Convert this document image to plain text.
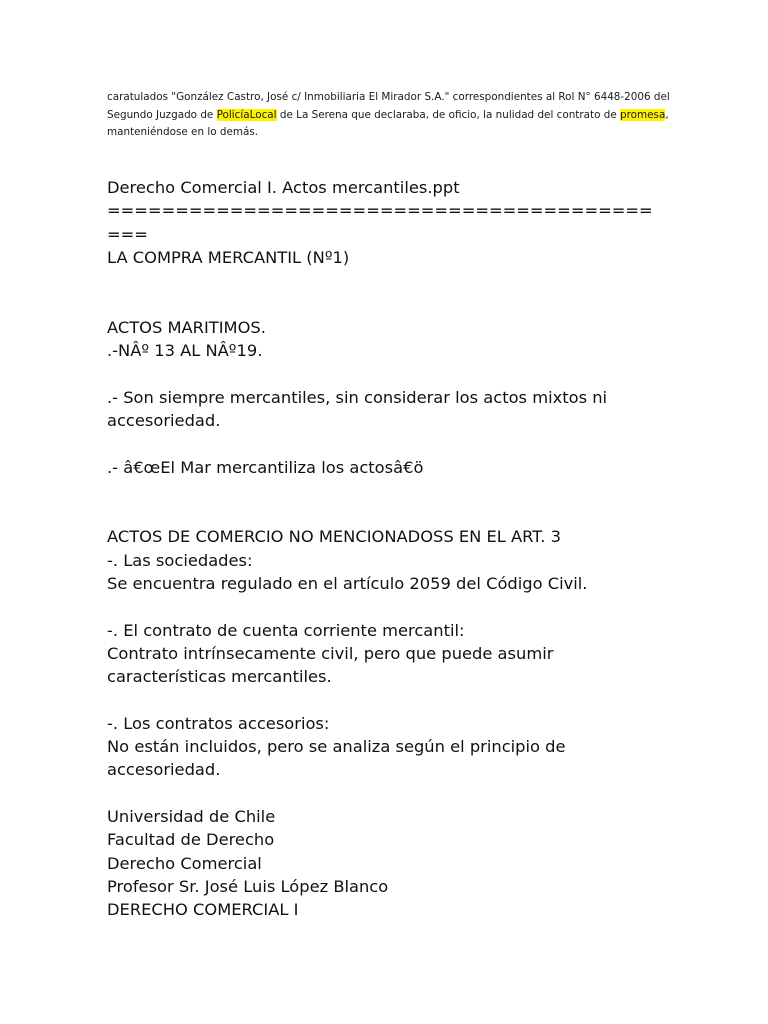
caratulados "González Castro, José c/ Inmobiliaria El Mirador S.A." correspondientes al Rol N° 6448-2006 del

Segundo Juzgado de PolicíaLocal de La Serena que declaraba, de oficio, la nulidad del contrato de promesa,

manteniéndose en lo demás.

Derecho Comercial I. Actos mercantiles.ppt

========================================

===

LA COMPRA MERCANTIL (Nº1)

ACTOS MARITIMOS.

.-NÂº 13 AL NÂº19.

.- Son siempre mercantiles, sin considerar los actos mixtos ni

accesoriedad.

.- â€œEl Mar mercantiliza los actosâ€ö

ACTOS DE COMERCIO NO MENCIONADOSS EN EL ART. 3

-. Las sociedades:

Se encuentra regulado en el artículo 2059 del Código Civil.

-. El contrato de cuenta corriente mercantil:

Contrato intrínsecamente civil, pero que puede asumir

características mercantiles.

-. Los contratos accesorios:

No están incluidos, pero se analiza según el principio de

accesoriedad.

Universidad de Chile

Facultad de Derecho

Derecho Comercial

Profesor Sr. José Luis López Blanco

DERECHO COMERCIAL I
